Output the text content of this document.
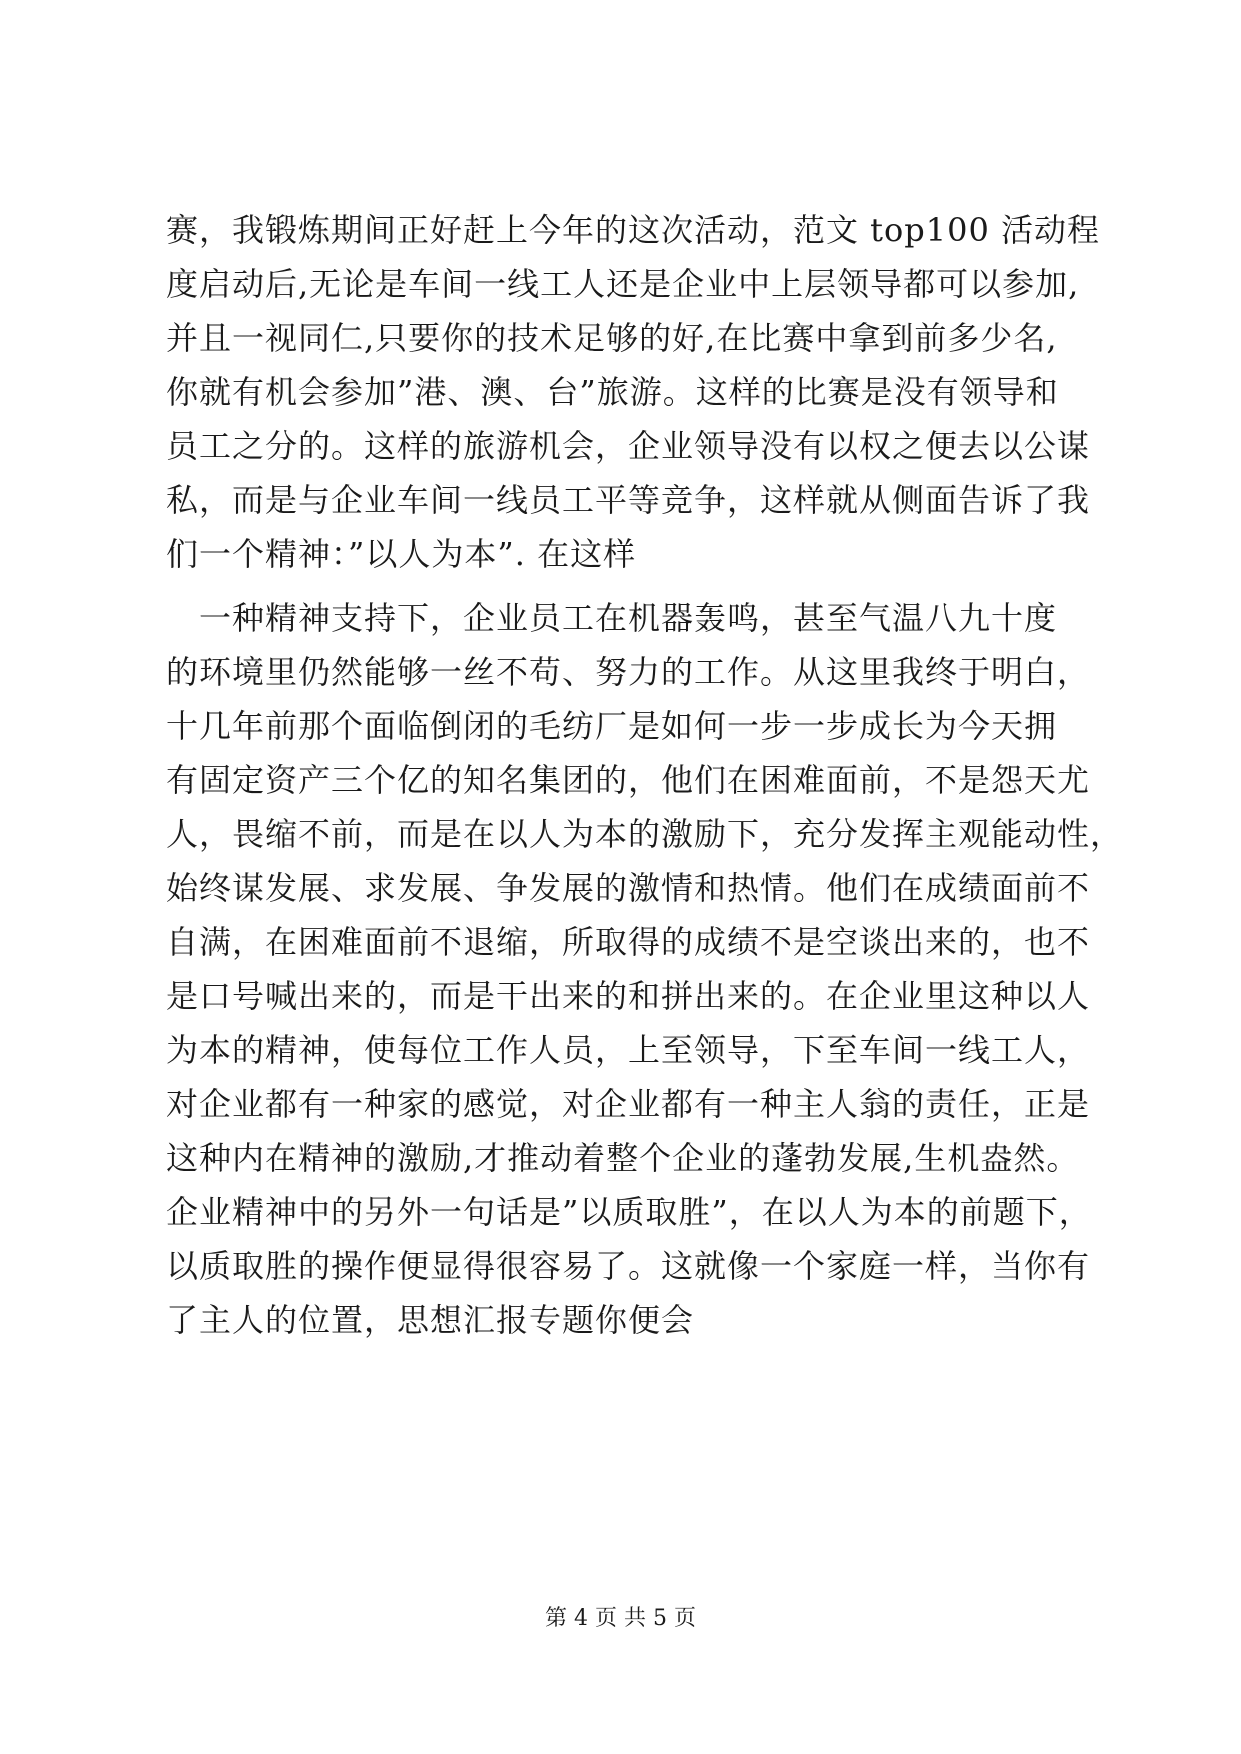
赛，我锻炼期间正好赶上今年的这次活动，范文 top100 活动程
度启动后,无论是车间一线工人还是企业中上层领导都可以参加,
并且一视同仁,只要你的技术足够的好,在比赛中拿到前多少名,
你就有机会参加”港、澳、台”旅游。这样的比赛是没有领导和
员工之分的。这样的旅游机会，企业领导没有以权之便去以公谋
私，而是与企业车间一线员工平等竞争，这样就从侧面告诉了我
们一个精神：”以人为本”. 在这样
　一种精神支持下，企业员工在机器轰鸣，甚至气温八九十度
的环境里仍然能够一丝不苟、努力的工作。从这里我终于明白，
十几年前那个面临倒闭的毛纺厂是如何一步一步成长为今天拥
有固定资产三个亿的知名集团的，他们在困难面前，不是怨天尤
人，畏缩不前，而是在以人为本的激励下，充分发挥主观能动性，
始终谋发展、求发展、争发展的激情和热情。他们在成绩面前不
自满，在困难面前不退缩，所取得的成绩不是空谈出来的，也不
是口号喊出来的，而是干出来的和拼出来的。在企业里这种以人
为本的精神，使每位工作人员，上至领导，下至车间一线工人，
对企业都有一种家的感觉，对企业都有一种主人翁的责任，正是
这种内在精神的激励,才推动着整个企业的蓬勃发展,生机盎然。
企业精神中的另外一句话是”以质取胜”，在以人为本的前题下，
以质取胜的操作便显得很容易了。这就像一个家庭一样，当你有
了主人的位置，思想汇报专题你便会
第 4 页 共 5 页
